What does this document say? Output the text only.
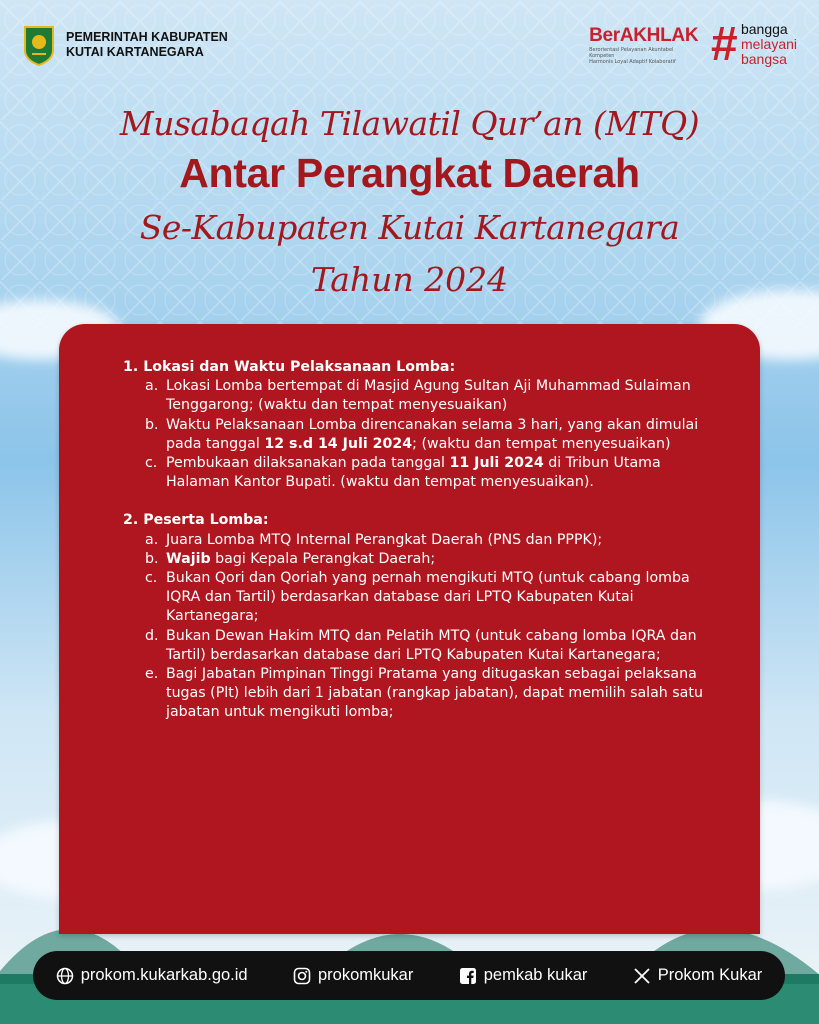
PEMERINTAH KABUPATEN
KUTAI KARTANEGARA
BerAKHLAK
Berorientasi Pelayanan Akuntabel Kompeten
Harmonis Loyal Adaptif Kolaboratif # bangga
melayani
bangsa
Musabaqah Tilawatil Qur’an (MTQ)
Antar Perangkat Daerah
Se-Kabupaten Kutai Kartanegara
Tahun 2024
1. Lokasi dan Waktu Pelaksanaan Lomba:
a. Lokasi Lomba bertempat di Masjid Agung Sultan Aji Muhammad Sulaiman Tenggarong; (waktu dan tempat menyesuaikan)
b. Waktu Pelaksanaan Lomba direncanakan selama 3 hari, yang akan dimulai pada tanggal 12 s.d 14 Juli 2024; (waktu dan tempat menyesuaikan)
c. Pembukaan dilaksanakan pada tanggal 11 Juli 2024 di Tribun Utama Halaman Kantor Bupati. (waktu dan tempat menyesuaikan).
2. Peserta Lomba:
a. Juara Lomba MTQ Internal Perangkat Daerah (PNS dan PPPK);
b. Wajib bagi Kepala Perangkat Daerah;
c. Bukan Qori dan Qoriah yang pernah mengikuti MTQ (untuk cabang lomba IQRA dan Tartil) berdasarkan database dari LPTQ Kabupaten Kutai Kartanegara;
d. Bukan Dewan Hakim MTQ dan Pelatih MTQ (untuk cabang lomba IQRA dan Tartil) berdasarkan database dari LPTQ Kabupaten Kutai Kartanegara;
e. Bagi Jabatan Pimpinan Tinggi Pratama yang ditugaskan sebagai pelaksana tugas (Plt) lebih dari 1 jabatan (rangkap jabatan), dapat memilih salah satu jabatan untuk mengikuti lomba;
prokom.kukarkab.go.id	prokomkukar	pemkab kukar	Prokom Kukar
